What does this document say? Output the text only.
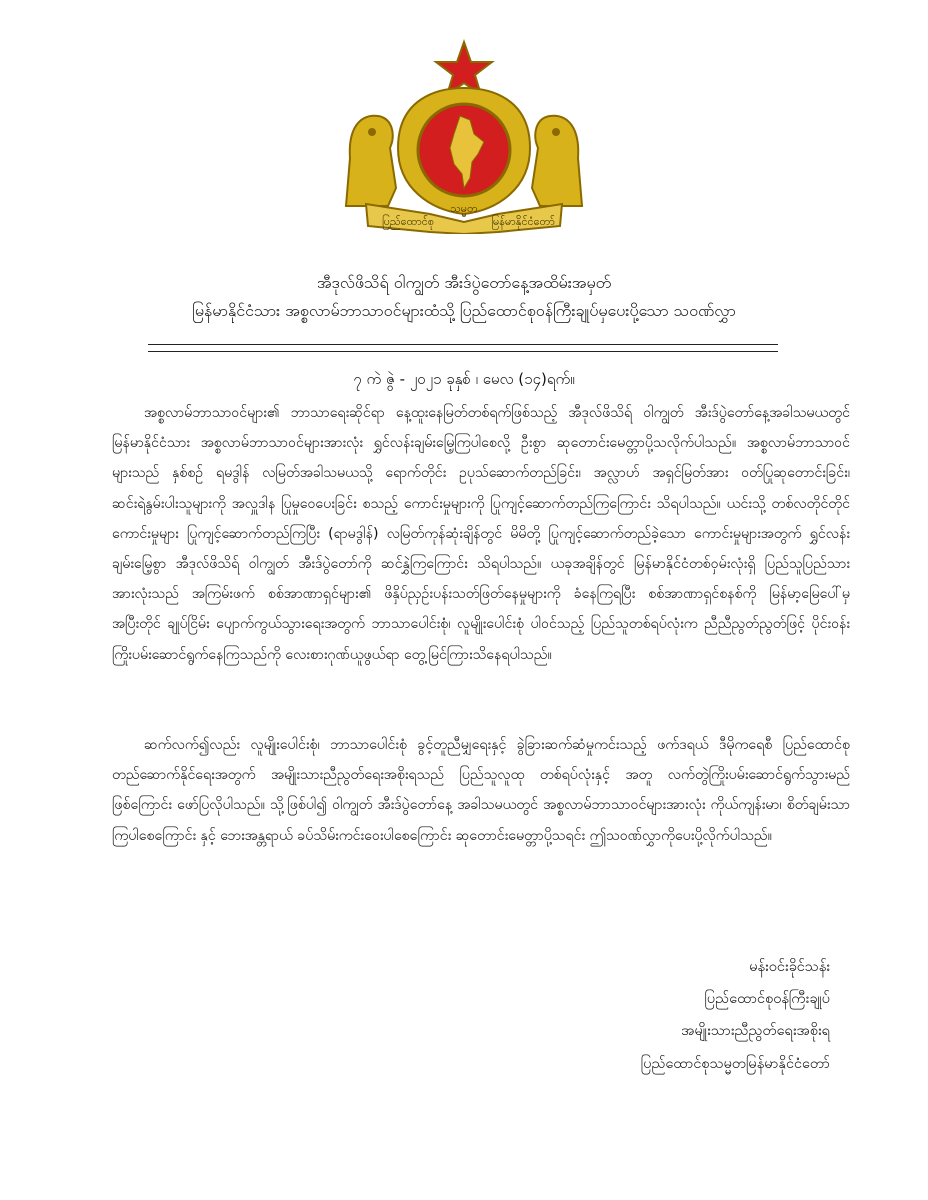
ပြည်ထောင်စု
သမ္မတ
မြန်မာနိုင်ငံတော်
အီဒုလ်ဖိသိရ် ဝါကျွတ် အီးဒ်ပွဲတော်နေ့အထိမ်းအမှတ်
မြန်မာနိုင်ငံသား အစ္စလာမ်ဘာသာဝင်များထံသို့ ပြည်ထောင်စုဝန်ကြီးချုပ်မှပေးပို့သော သဝဏ်လွှာ
၇ ကဲ ဇွဲ - ၂၀၂၁ ခုနှစ် ၊ မေလ (၁၄)ရက်။
အစ္စလာမ်ဘာသာဝင်များ၏ ဘာသာရေးဆိုင်ရာ နေ့ထူးနေမြတ်တစ်ရက်ဖြစ်သည့် အီဒုလ်ဖိသိရ် ဝါကျွတ် အီးဒ်ပွဲတော်နေ့အခါသမယတွင် မြန်မာနိုင်ငံသား အစ္စလာမ်ဘာသာဝင်များအားလုံး ရွှင်လန်းချမ်းမြေ့ကြပါစေလို့ ဦးစွာ ဆုတောင်းမေတ္တာပို့သလိုက်ပါသည်။ အစ္စလာမ်ဘာသာဝင်များသည် နှစ်စဉ် ရမဒွါန် လမြတ်အခါသမယသို့ ရောက်တိုင်း ဥပုသ်ဆောက်တည်ခြင်း၊ အလ္လာဟ် အရှင်မြတ်အား ဝတ်ပြုဆုတောင်းခြင်း၊ ဆင်းရဲနွမ်းပါးသူများကို အလှူဒါန ပြုမှုဝေပေးခြင်း စသည့် ကောင်းမှုများကို ပြုကျင့်ဆောက်တည်ကြကြောင်း သိရပါသည်။ ယင်းသို့ တစ်လတိုင်တိုင် ကောင်းမှုများ ပြုကျင့်ဆောက်တည်ကြပြီး (ရာမဒွါန်) လမြတ်ကုန်ဆုံးချိန်တွင် မိမိတို့ ပြုကျင့်ဆောက်တည်ခဲ့သော ကောင်းမှုများအတွက် ရွှင်လန်းချမ်းမြေ့စွာ အီဒုလ်ဖိသိရ် ဝါကျွတ် အီးဒ်ပွဲတော်ကို ဆင်နွှဲကြကြောင်း သိရပါသည်။ ယခုအချိန်တွင် မြန်မာနိုင်ငံတစ်ဝှမ်းလုံးရှိ ပြည်သူပြည်သားအားလုံးသည် အကြမ်းဖက် စစ်အာဏာရှင်များ၏ ဖိနှိပ်ညှဉ်းပန်းသတ်ဖြတ်နေမှုများကို ခံနေကြရပြီး စစ်အာဏာရှင်စနစ်ကို မြန်မာ့မြေပေါ်မှ အပြီးတိုင် ချုပ်ငြိမ်း ပျောက်ကွယ်သွားရေးအတွက် ဘာသာပေါင်းစုံ၊ လူမျိုးပေါင်းစုံ ပါဝင်သည့် ပြည်သူတစ်ရပ်လုံးက ညီညီညွတ်ညွတ်ဖြင့် ပိုင်းဝန်းကြိုးပမ်းဆောင်ရွက်နေကြသည်ကို လေးစားဂုဏ်ယူဖွယ်ရာ တွေ့မြင်ကြားသိနေရပါသည်။
ဆက်လက်၍လည်း လူမျိုးပေါင်းစုံ၊ ဘာသာပေါင်းစုံ ခွင့်တူညီမျှရေးနှင့် ခွဲခြားဆက်ဆံမှုကင်းသည့် ဖက်ဒရယ် ဒီမိုကရေစီ ပြည်ထောင်စုတည်ဆောက်နိုင်ရေးအတွက် အမျိုးသားညီညွတ်ရေးအစိုးရသည် ပြည်သူလူထု တစ်ရပ်လုံးနှင့် အတူ လက်တွဲကြိုးပမ်းဆောင်ရွက်သွားမည်ဖြစ်ကြောင်း ဖော်ပြလိုပါသည်။ သို့ဖြစ်ပါ၍ ဝါကျွတ် အီးဒ်ပွဲတော်နေ့ အခါသမယတွင် အစ္စလာမ်ဘာသာဝင်များအားလုံး ကိုယ်ကျန်းမာ၊ စိတ်ချမ်းသာကြပါစေကြောင်း နှင့် ဘေးအန္တရာယ် ခပ်သိမ်းကင်းဝေးပါစေကြောင်း ဆုတောင်းမေတ္တာပို့သရင်း ဤသဝဏ်လွှာကိုပေးပို့လိုက်ပါသည်။
မန်းဝင်းခိုင်သန်း
ပြည်ထောင်စုဝန်ကြီးချုပ်
အမျိုးသားညီညွတ်ရေးအစိုးရ
ပြည်ထောင်စုသမ္မတမြန်မာနိုင်ငံတော်
